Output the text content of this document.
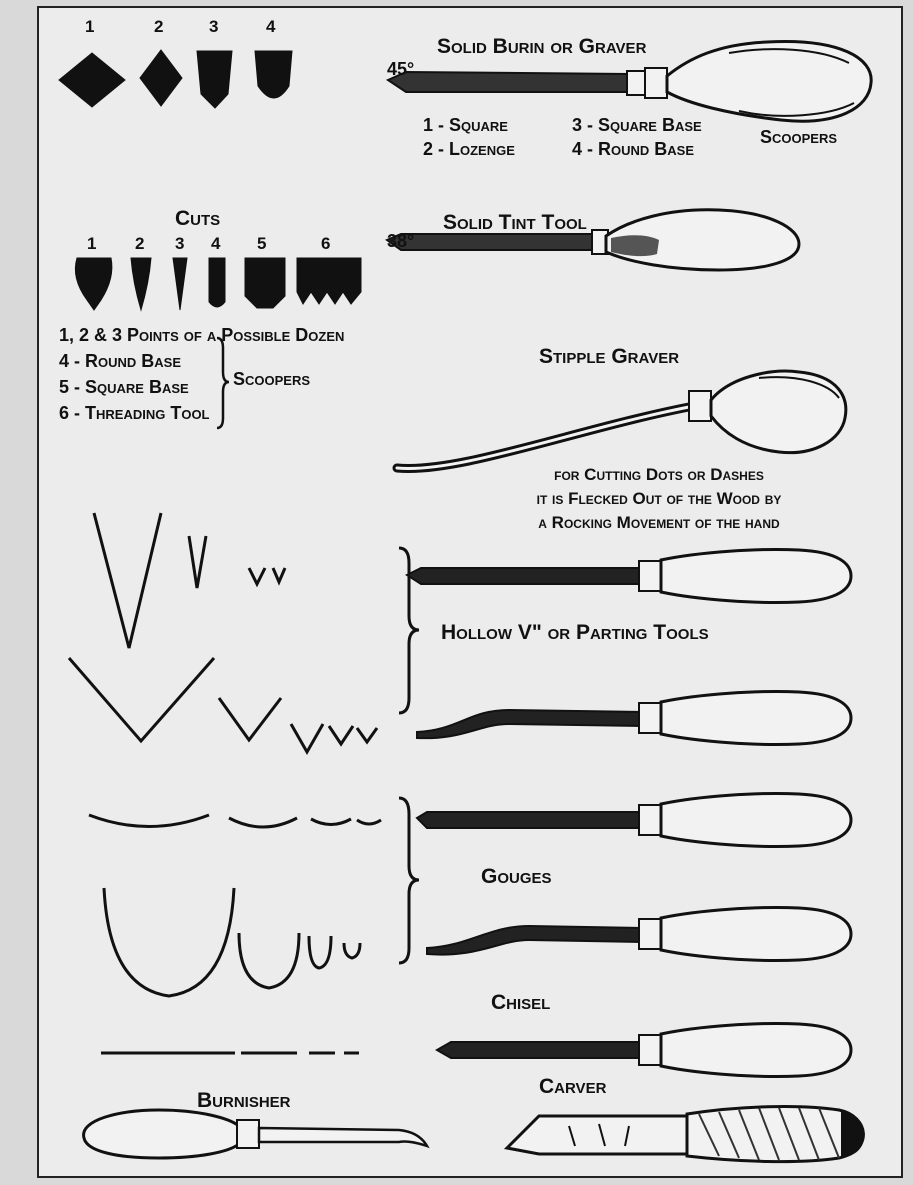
1	2	3	4
Solid Burin or Graver
45°
1 - Square
2 - Lozenge
3 - Square Base
4 - Round Base
Scoopers
Cuts
1 2 3 4 5	6
1, 2 & 3 Points of a Possible Dozen
4 - Round Base
5 - Square Base
6 - Threading Tool
Scoopers
Solid Tint Tool
38°
Stipple Graver
for Cutting Dots or Dashes
it is Flecked Out of the Wood by
a Rocking Movement of the hand
Hollow V" or Parting Tools
Gouges
Chisel
Burnisher
Carver
